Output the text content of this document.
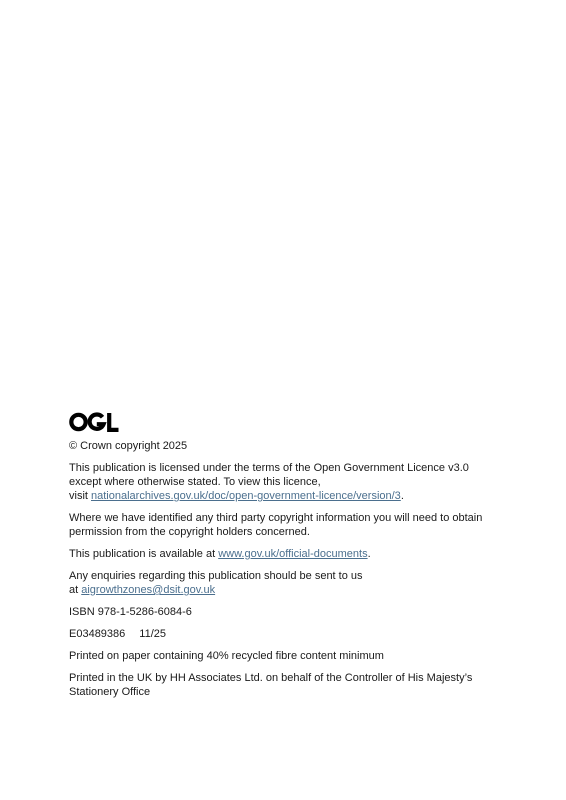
© Crown copyright 2025

This publication is licensed under the terms of the Open Government Licence v3.0
except where otherwise stated. To view this licence,
visit nationalarchives.gov.uk/doc/open-government-licence/version/3.

Where we have identified any third party copyright information you will need to obtain
permission from the copyright holders concerned.

This publication is available at www.gov.uk/official-documents.

Any enquiries regarding this publication should be sent to us
at aigrowthzones@dsit.gov.uk

ISBN 978-1-5286-6084-6

E03489386 11/25

Printed on paper containing 40% recycled fibre content minimum

Printed in the UK by HH Associates Ltd. on behalf of the Controller of His Majesty’s
Stationery Office
